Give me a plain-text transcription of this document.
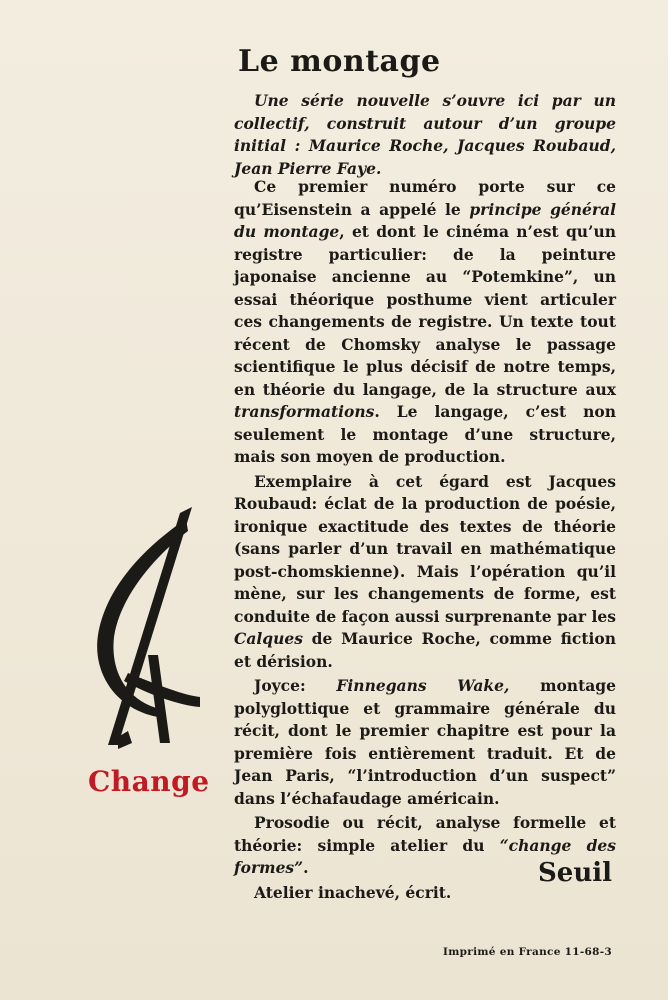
Le montage
Une série nouvelle s’ouvre ici par un collectif, construit autour d’un groupe initial : Maurice Roche, Jacques Roubaud, Jean Pierre Faye.

Ce premier numéro porte sur ce qu’Eisenstein a appelé le principe général du montage, et dont le cinéma n’est qu’un registre particulier: de la peinture japonaise ancienne au “Potemkine”, un essai théorique posthume vient articuler ces changements de registre. Un texte tout récent de Chomsky analyse le passage scientifique le plus décisif de notre temps, en théorie du langage, de la structure aux transformations. Le langage, c’est non seulement le montage d’une structure, mais son moyen de production.

Exemplaire à cet égard est Jacques Roubaud: éclat de la production de poésie, ironique exactitude des textes de théorie (sans parler d’un travail en mathématique post-chomskienne). Mais l’opération qu’il mène, sur les changements de forme, est conduite de façon aussi surprenante par les Calques de Maurice Roche, comme fiction et dérision.

Joyce: Finnegans Wake, montage polyglottique et grammaire générale du récit, dont le premier chapitre est pour la première fois entièrement traduit. Et de Jean Paris, “l’introduction d’un suspect” dans l’échafaudage américain.

Prosodie ou récit, analyse formelle et théorie: simple atelier du “change des formes”.

Atelier inachevé, écrit.

Change
Seuil
Imprimé en France 11-68-3
